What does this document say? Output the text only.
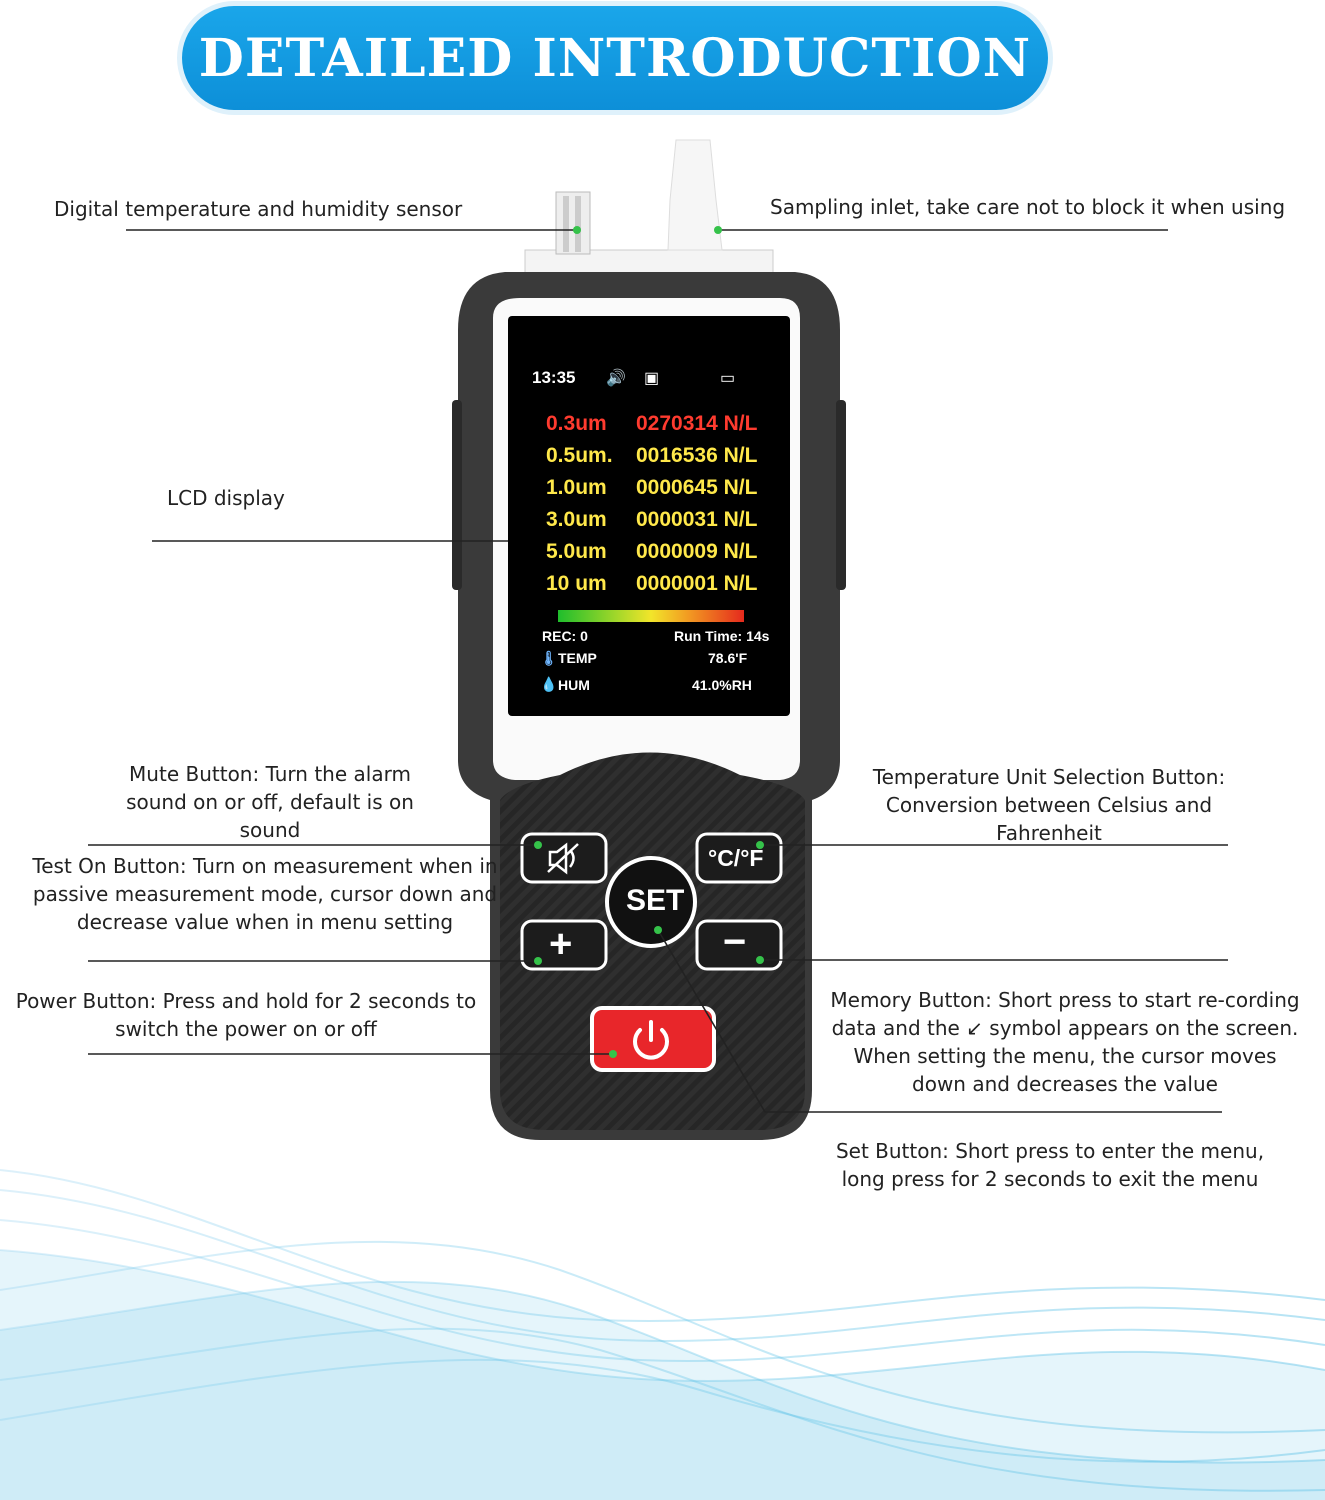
DETAILED INTRODUCTION
13:35 🔊 ▣	▭
0.3um	0270314 N/L
0.5um.	0016536 N/L
1.0um	0000645 N/L
3.0um	0000031 N/L
5.0um	0000009 N/L
10 um	0000001 N/L
REC: 0	Run Time: 14s
🌡 TEMP	78.6'F
💧 HUM	41.0%RH
SET
°C/°F
+	−
Digital temperature and humidity sensor	Sampling inlet, take care not to block it when using
LCD display
Mute Button: Turn the alarm sound on or off, default is on sound
Temperature Unit Selection Button: Conversion between Celsius and Fahrenheit
Test On Button: Turn on measurement when in passive measurement mode, cursor down and decrease value when in menu setting
Power Button: Press and hold for 2 seconds to switch the power on or off
Memory Button: Short press to start re-cording data and the ↙ symbol appears on the screen. When setting the menu, the cursor moves down and decreases the value
Set Button: Short press to enter the menu, long press for 2 seconds to exit the menu
